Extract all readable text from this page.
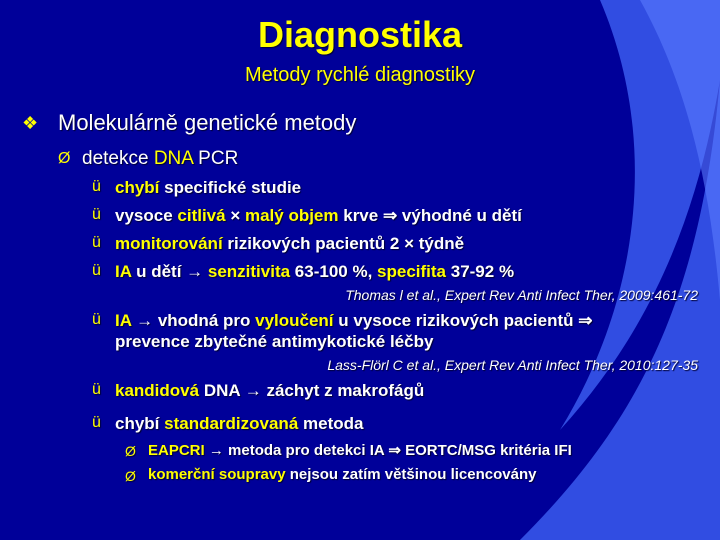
Diagnostika
Metody rychlé diagnostiky
❖ Molekulárně genetické metody
Ø detekce DNA PCR
ü chybí specifické studie
ü vysoce citlivá × malý objem krve ⇒ výhodné u dětí
ü monitorování rizikových pacientů 2 × týdně
ü IA u dětí → senzitivita 63-100 %, specifita 37-92 %
Thomas l et al., Expert Rev Anti Infect Ther, 2009:461-72
ü IA → vhodná pro vyloučení u vysoce rizikových pacientů ⇒
prevence zbytečné antimykotické léčby
Lass-Flörl C et al., Expert Rev Anti Infect Ther, 2010:127-35
ü kandidová DNA → záchyt z makrofágů
ü chybí standardizovaná metoda
Ø EAPCRI → metoda pro detekci IA ⇒ EORTC/MSG kritéria IFI
Ø komerční soupravy nejsou zatím většinou licencovány
